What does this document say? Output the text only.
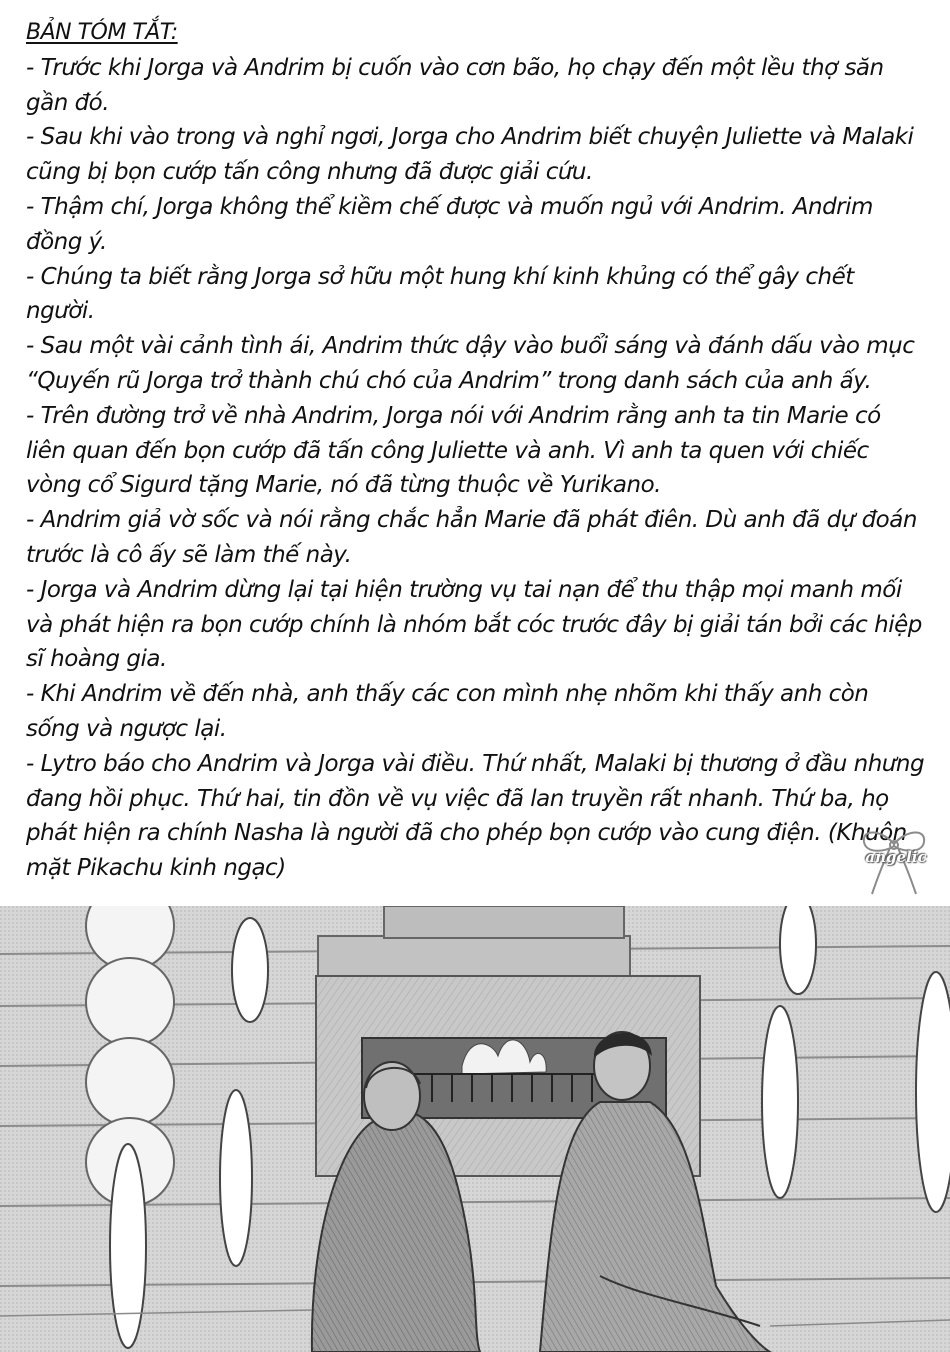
BẢN TÓM TẮT:
- Trước khi Jorga và Andrim bị cuốn vào cơn bão, họ chạy đến một lều thợ săn gần đó.
- Sau khi vào trong và nghỉ ngơi, Jorga cho Andrim biết chuyện Juliette và Malaki cũng bị bọn cướp tấn công nhưng đã được giải cứu.
- Thậm chí, Jorga không thể kiềm chế được và muốn ngủ với Andrim. Andrim đồng ý.
- Chúng ta biết rằng Jorga sở hữu một hung khí kinh khủng có thể gây chết người.
- Sau một vài cảnh tình ái, Andrim thức dậy vào buổi sáng và đánh dấu vào mục “Quyến rũ Jorga trở thành chú chó của Andrim” trong danh sách của anh ấy.
- Trên đường trở về nhà Andrim, Jorga nói với Andrim rằng anh ta tin Marie có liên quan đến bọn cướp đã tấn công Juliette và anh. Vì anh ta quen với chiếc vòng cổ Sigurd tặng Marie, nó đã từng thuộc về Yurikano.
- Andrim giả vờ sốc và nói rằng chắc hẳn Marie đã phát điên. Dù anh đã dự đoán trước là cô ấy sẽ làm thế này.
- Jorga và Andrim dừng lại tại hiện trường vụ tai nạn để thu thập mọi manh mối và phát hiện ra bọn cướp chính là nhóm bắt cóc trước đây bị giải tán bởi các hiệp sĩ hoàng gia.
- Khi Andrim về đến nhà, anh thấy các con mình nhẹ nhõm khi thấy anh còn sống và ngược lại.
- Lytro báo cho Andrim và Jorga vài điều. Thứ nhất, Malaki bị thương ở đầu nhưng đang hồi phục. Thứ hai, tin đồn về vụ việc đã lan truyền rất nhanh. Thứ ba, họ phát hiện ra chính Nasha là người đã cho phép bọn cướp vào cung điện. (Khuôn mặt Pikachu kinh ngạc)	angelic
